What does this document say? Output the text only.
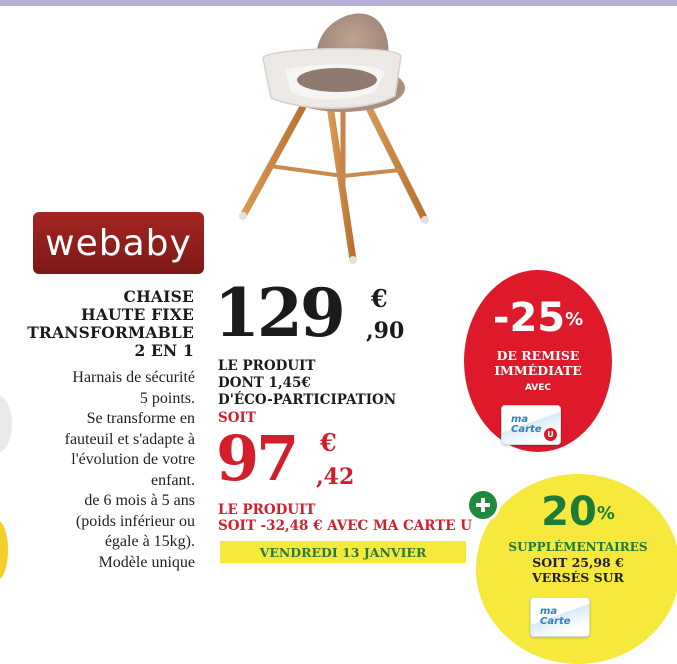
webaby
CHAISE
HAUTE FIXE
TRANSFORMABLE
2 EN 1
Harnais de sécurité
5 points.
Se transforme en
fauteuil et s'adapte à
l'évolution de votre
enfant.
de 6 mois à 5 ans
(poids inférieur ou
égale à 15kg).
Modèle unique
129 €
,90
LE PRODUIT
DONT 1,45€
D'ÉCO-PARTICIPATION
SOIT
97 €
,42
LE PRODUIT
SOIT -32,48 € AVEC MA CARTE U
VENDREDI 13 JANVIER
-25%
DE REMISE
IMMÉDIATE
AVEC
ma
Carte U
20%
SUPPLÉMENTAIRES
SOIT 25,98 €
VERSÉS SUR
ma
Carte
